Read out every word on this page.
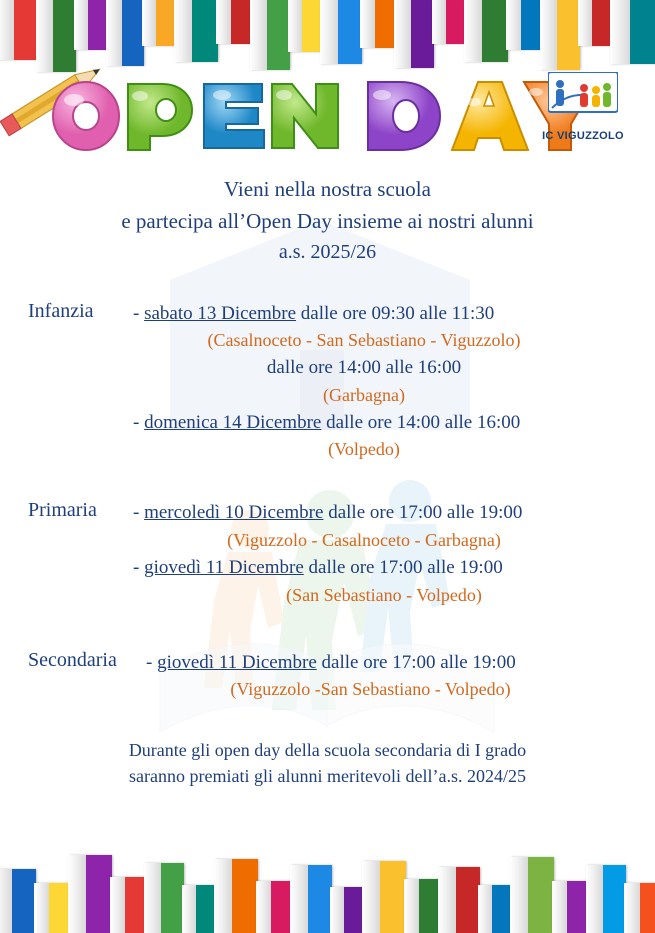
IC VIGUZZOLO
Vieni nella nostra scuola
e partecipa all’Open Day insieme ai nostri alunni
a.s. 2025/26
Infanzia - sabato 13 Dicembre dalle ore 09:30 alle 11:30
(Casalnoceto - San Sebastiano - Viguzzolo)
dalle ore 14:00 alle 16:00
(Garbagna)
- domenica 14 Dicembre dalle ore 14:00 alle 16:00
(Volpedo)
Primaria - mercoledì 10 Dicembre dalle ore 17:00 alle 19:00
(Viguzzolo - Casalnoceto - Garbagna)
- giovedì 11 Dicembre dalle ore 17:00 alle 19:00
(San Sebastiano - Volpedo)
Secondaria - giovedì 11 Dicembre dalle ore 17:00 alle 19:00
(Viguzzolo -San Sebastiano - Volpedo)
Durante gli open day della scuola secondaria di I grado
saranno premiati gli alunni meritevoli dell’a.s. 2024/25
